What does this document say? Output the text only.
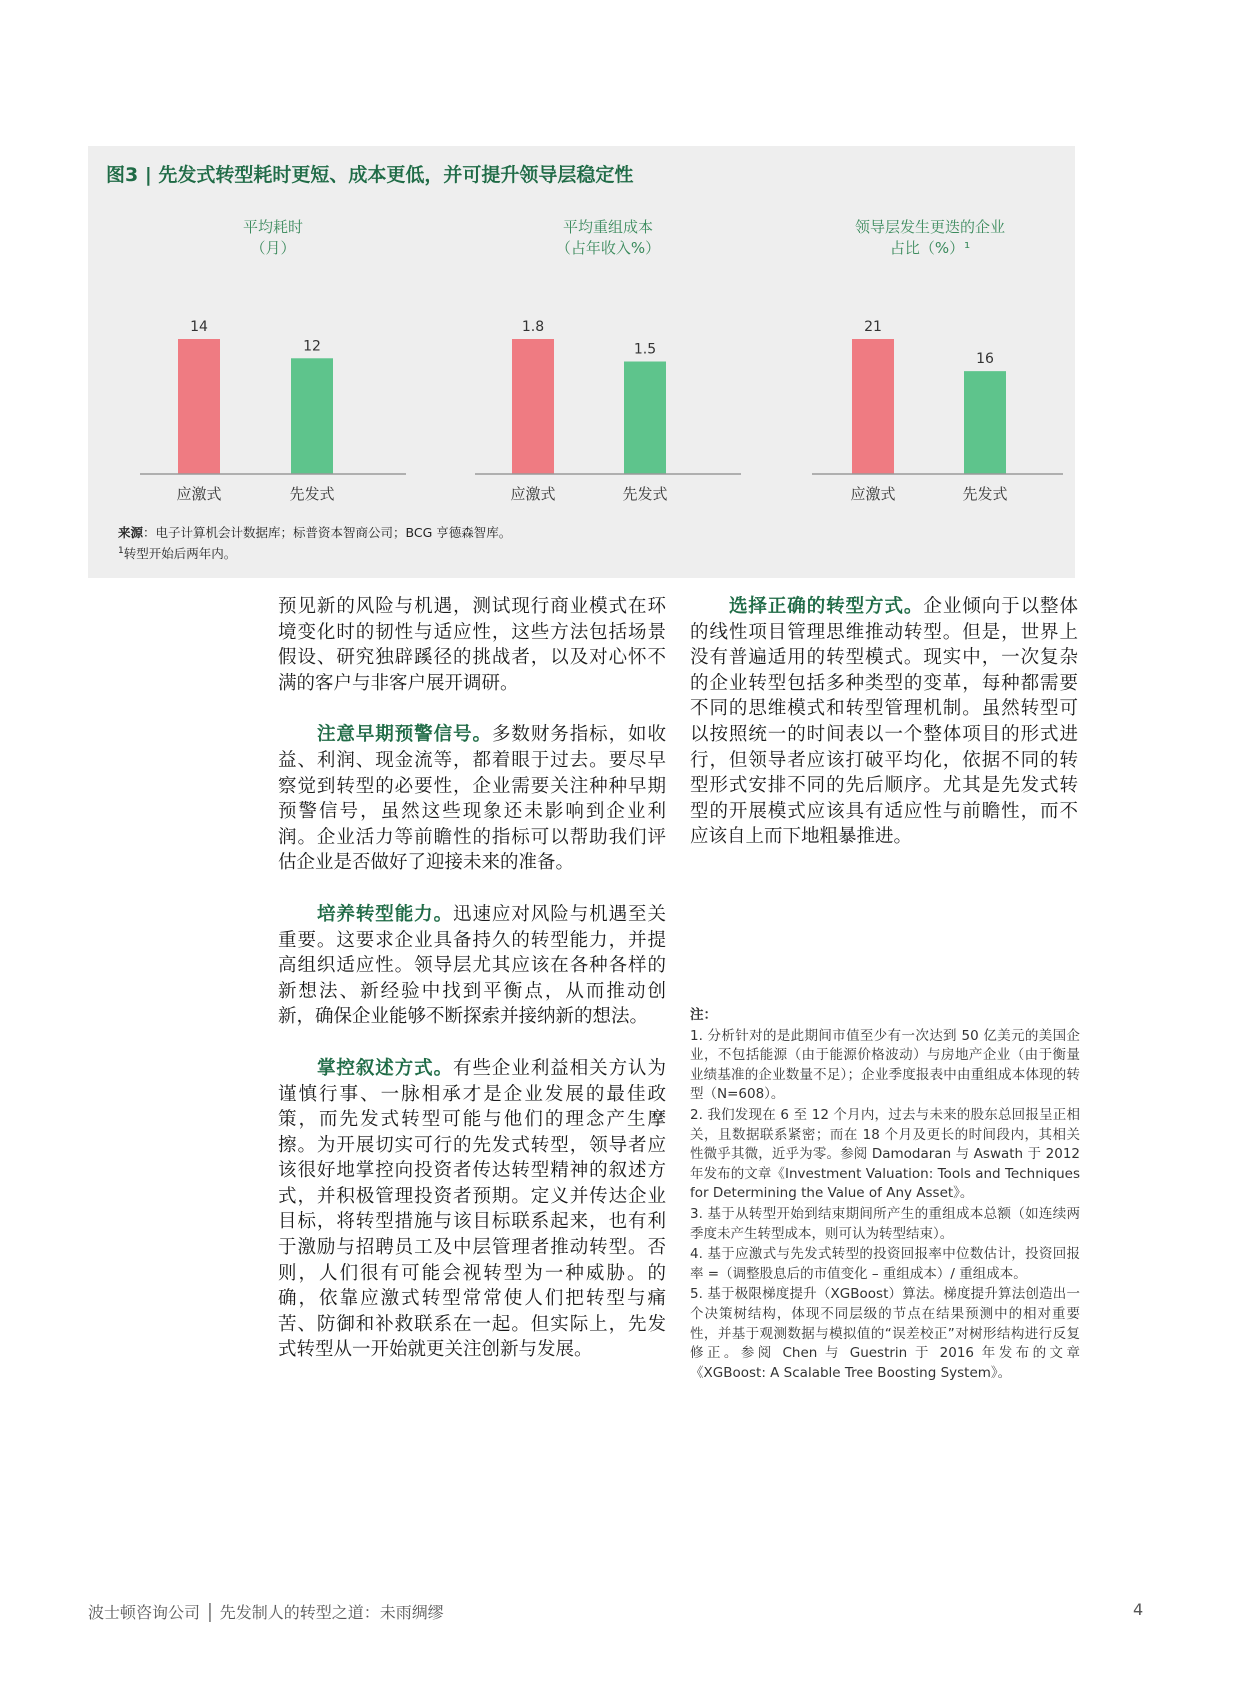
图3 | 先发式转型耗时更短、成本更低，并可提升领导层稳定性
平均耗时
（月）
14
应激式
12
先发式
平均重组成本
（占年收入%）
1.8
应激式
1.5
先发式
领导层发生更迭的企业
占比（%）¹
21
应激式
16
先发式
来源：电子计算机会计数据库；标普资本智商公司；BCG 亨德森智库。
$^1$转型开始后两年内。

预见新的风险与机遇，测试现行商业模式在环境变化时的韧性与适应性，这些方法包括场景假设、研究独辟蹊径的挑战者，以及对心怀不满的客户与非客户展开调研。

注意早期预警信号。多数财务指标，如收益、利润、现金流等，都着眼于过去。要尽早察觉到转型的必要性，企业需要关注种种早期预警信号，虽然这些现象还未影响到企业利润。企业活力等前瞻性的指标可以帮助我们评估企业是否做好了迎接未来的准备。

培养转型能力。迅速应对风险与机遇至关重要。这要求企业具备持久的转型能力，并提高组织适应性。领导层尤其应该在各种各样的新想法、新经验中找到平衡点，从而推动创新，确保企业能够不断探索并接纳新的想法。

掌控叙述方式。有些企业利益相关方认为谨慎行事、一脉相承才是企业发展的最佳政策，而先发式转型可能与他们的理念产生摩擦。为开展切实可行的先发式转型，领导者应该很好地掌控向投资者传达转型精神的叙述方式，并积极管理投资者预期。定义并传达企业目标，将转型措施与该目标联系起来，也有利于激励与招聘员工及中层管理者推动转型。否则，人们很有可能会视转型为一种威胁。的确，依靠应激式转型常常使人们把转型与痛苦、防御和补救联系在一起。但实际上，先发式转型从一开始就更关注创新与发展。

选择正确的转型方式。企业倾向于以整体的线性项目管理思维推动转型。但是，世界上没有普遍适用的转型模式。现实中，一次复杂的企业转型包括多种类型的变革，每种都需要不同的思维模式和转型管理机制。虽然转型可以按照统一的时间表以一个整体项目的形式进行，但领导者应该打破平均化，依据不同的转型形式安排不同的先后顺序。尤其是先发式转型的开展模式应该具有适应性与前瞻性，而不应该自上而下地粗暴推进。

注：
1. 分析针对的是此期间市值至少有一次达到 50 亿美元的美国企业，不包括能源（由于能源价格波动）与房地产企业（由于衡量业绩基准的企业数量不足）；企业季度报表中由重组成本体现的转型（N=608）。
2. 我们发现在 6 至 12 个月内，过去与未来的股东总回报呈正相关，且数据联系紧密；而在 18 个月及更长的时间段内，其相关性微乎其微，近乎为零。参阅 Damodaran 与 Aswath 于 2012 年发布的文章《Investment Valuation: Tools and Techniques for Determining the Value of Any Asset》。
3. 基于从转型开始到结束期间所产生的重组成本总额（如连续两季度未产生转型成本，则可认为转型结束）。
4. 基于应激式与先发式转型的投资回报率中位数估计，投资回报率 =（调整股息后的市值变化 – 重组成本）/ 重组成本。
5. 基于极限梯度提升（XGBoost）算法。梯度提升算法创造出一个决策树结构，体现不同层级的节点在结果预测中的相对重要性，并基于观测数据与模拟值的“误差校正”对树形结构进行反复修正。参阅 Chen 与 Guestrin 于 2016 年发布的文章《XGBoost: A Scalable Tree Boosting System》。
波士顿咨询公司 │ 先发制人的转型之道：未雨绸缪	4
